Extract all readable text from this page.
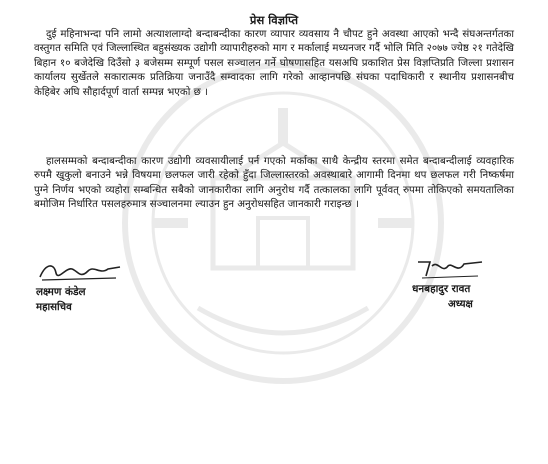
प्रेस विज्ञप्ति

दुई महिनाभन्दा पनि लामो अत्याशलाग्दो बन्दाबन्दीका कारण व्यापार व्यवसाय नै चौपट हुने अवस्था आएको भन्दै संघअन्तर्गतका वस्तुगत समिति एवं जिल्लास्थित बहुसंख्यक उद्योगी व्यापारीहरुको माग र मर्कालाई मध्यनजर गर्दै भोलि मिति २०७७ ज्येष्ठ २१ गतेदेखि बिहान १० बजेदेखि दिउँसो ३ बजेसम्म सम्पूर्ण पसल सञ्चालन गर्ने घोषणासहित यसअघि प्रकाशित प्रेस विज्ञप्तिप्रति जिल्ला प्रशासन कार्यालय सुर्खेतले सकारात्मक प्रतिक्रिया जनाउँदै सम्वादका लागि गरेको आव्हानपछि संघका पदाधिकारी र स्थानीय प्रशासनबीच केहिबेर अघि सौहार्दपूर्ण वार्ता सम्पन्न भएको छ ।

हालसम्मको बन्दाबन्दीका कारण उद्योगी व्यवसायीलाई पर्न गएको मर्काका साथै केन्द्रीय स्तरमा समेत बन्दाबन्दीलाई व्यवहारिक रुपमै खुकुलो बनाउने भन्ने विषयमा छलफल जारी रहेको हुँदा जिल्लास्तरको अवस्थाबारे आगामी दिनमा थप छलफल गरी निष्कर्षमा पुग्ने निर्णय भएको व्यहोरा सम्बन्धित सबैको जानकारीका लागि अनुरोध गर्दै तत्कालका लागि पूर्ववत् रुपमा तोकिएको समयतालिका बमोजिम निर्धारित पसलहरुमात्र सञ्चालनमा ल्याउन हुन अनुरोधसहित जानकारी गराइन्छ ।

लक्ष्मण कंडेल
महासचिव
धनबहादुर रावत
अध्यक्ष
